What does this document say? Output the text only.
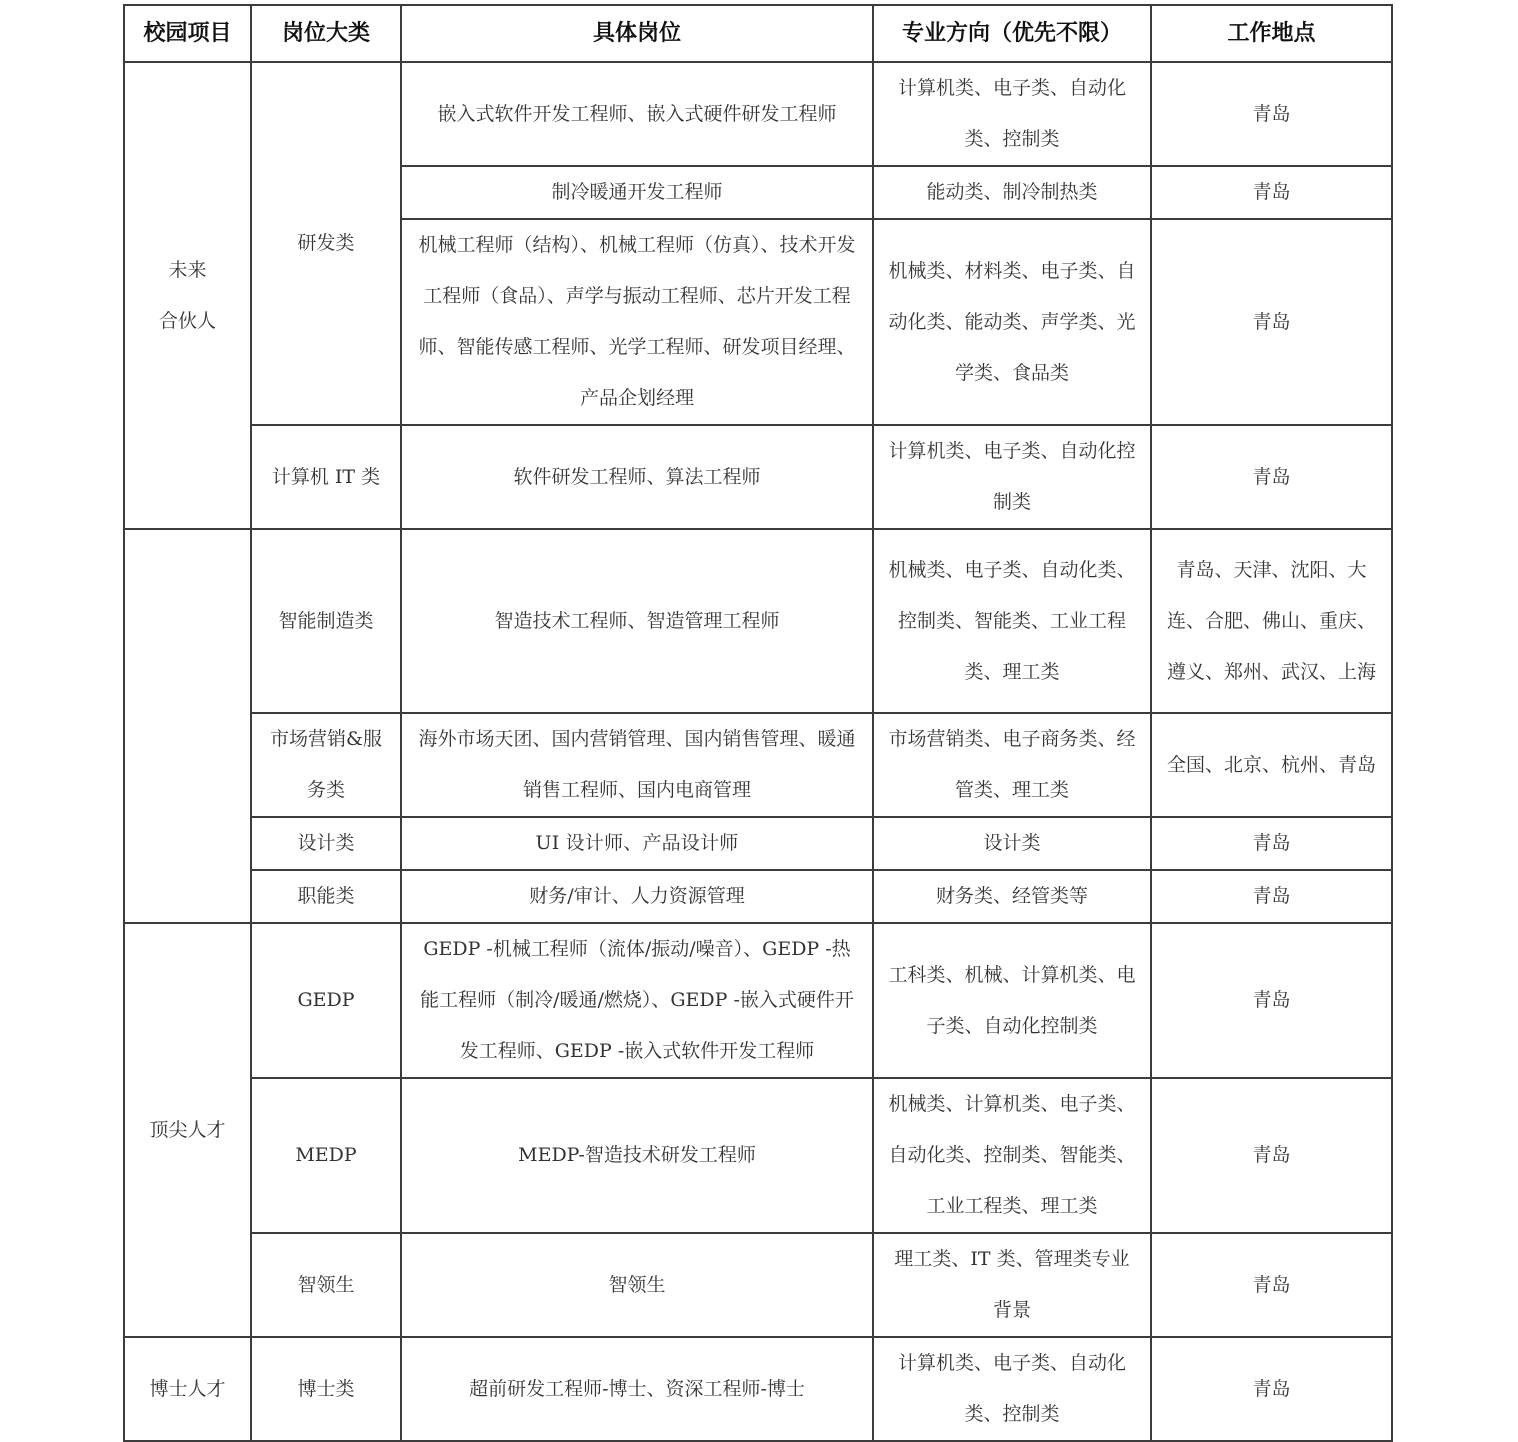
校园项目	岗位大类	具体岗位	专业方向（优先不限）	工作地点
未来
合伙人	研发类	嵌入式软件开发工程师、嵌入式硬件研发工程师	计算机类、电子类、自动化类、控制类	青岛
		制冷暖通开发工程师	能动类、制冷制热类	青岛
		机械工程师（结构）、机械工程师（仿真）、技术开发工程师（食品）、声学与振动工程师、芯片开发工程师、智能传感工程师、光学工程师、研发项目经理、产品企划经理	机械类、材料类、电子类、自动化类、能动类、声学类、光学类、食品类	青岛
	计算机 IT 类	软件研发工程师、算法工程师	计算机类、电子类、自动化控制类	青岛
	智能制造类	智造技术工程师、智造管理工程师	机械类、电子类、自动化类、控制类、智能类、工业工程类、理工类	青岛、天津、沈阳、大连、合肥、佛山、重庆、遵义、郑州、武汉、上海
	市场营销&服务类	海外市场天团、国内营销管理、国内销售管理、暖通销售工程师、国内电商管理	市场营销类、电子商务类、经管类、理工类	全国、北京、杭州、青岛
	设计类	UI 设计师、产品设计师	设计类	青岛
	职能类	财务/审计、人力资源管理	财务类、经管类等	青岛
顶尖人才	GEDP	GEDP -机械工程师（流体/振动/噪音）、GEDP -热能工程师（制冷/暖通/燃烧）、GEDP -嵌入式硬件开发工程师、GEDP -嵌入式软件开发工程师	工科类、机械、计算机类、电子类、自动化控制类	青岛
	MEDP	MEDP-智造技术研发工程师	机械类、计算机类、电子类、自动化类、控制类、智能类、工业工程类、理工类	青岛
	智领生	智领生	理工类、IT 类、管理类专业背景	青岛
博士人才	博士类	超前研发工程师-博士、资深工程师-博士	计算机类、电子类、自动化类、控制类	青岛
